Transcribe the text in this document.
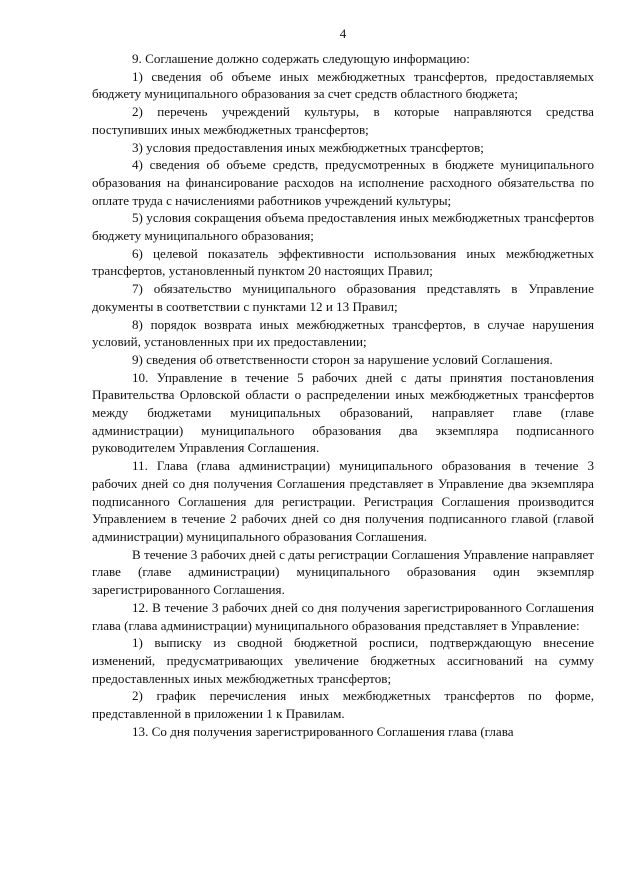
4

9. Соглашение должно содержать следующую информацию:

1) сведения об объеме иных межбюджетных трансфертов, предоставляемых бюджету муниципального образования за счет средств областного бюджета;

2) перечень учреждений культуры, в которые направляются средства поступивших иных межбюджетных трансфертов;

3) условия предоставления иных межбюджетных трансфертов;

4) сведения об объеме средств, предусмотренных в бюджете муниципального образования на финансирование расходов на исполнение расходного обязательства по оплате труда с начислениями работников учреждений культуры;

5) условия сокращения объема предоставления иных межбюджетных трансфертов бюджету муниципального образования;

6) целевой показатель эффективности использования иных межбюджетных трансфертов, установленный пунктом 20 настоящих Правил;

7) обязательство муниципального образования представлять в Управление документы в соответствии с пунктами 12 и 13 Правил;

8) порядок возврата иных межбюджетных трансфертов, в случае нарушения условий, установленных при их предоставлении;

9) сведения об ответственности сторон за нарушение условий Соглашения.

10. Управление в течение 5 рабочих дней с даты принятия постановления Правительства Орловской области о распределении иных межбюджетных трансфертов между бюджетами муниципальных образований, направляет главе (главе администрации) муниципального образования два экземпляра подписанного руководителем Управления Соглашения.

11. Глава (глава администрации) муниципального образования в течение 3 рабочих дней со дня получения Соглашения представляет в Управление два экземпляра подписанного Соглашения для регистрации. Регистрация Соглашения производится Управлением в течение 2 рабочих дней со дня получения подписанного главой (главой администрации) муниципального образования Соглашения.

В течение 3 рабочих дней с даты регистрации Соглашения Управление направляет главе (главе администрации) муниципального образования один экземпляр зарегистрированного Соглашения.

12. В течение 3 рабочих дней со дня получения зарегистрированного Соглашения глава (глава администрации) муниципального образования представляет в Управление:

1) выписку из сводной бюджетной росписи, подтверждающую внесение изменений, предусматривающих увеличение бюджетных ассигнований на сумму предоставленных иных межбюджетных трансфертов;

2) график перечисления иных межбюджетных трансфертов по форме, представленной в приложении 1 к Правилам.

13. Со дня получения зарегистрированного Соглашения глава (глава
